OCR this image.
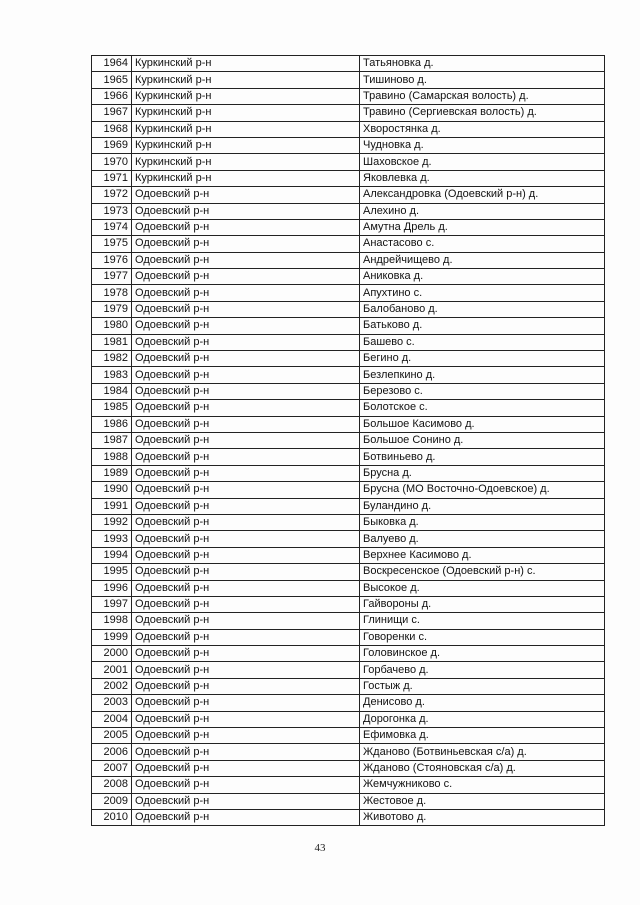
1964	Куркинский р-н	Татьяновка д.
1965	Куркинский р-н	Тишиново д.
1966	Куркинский р-н	Травино (Самарская волость) д.
1967	Куркинский р-н	Травино (Сергиевская волость) д.
1968	Куркинский р-н	Хворостянка д.
1969	Куркинский р-н	Чудновка д.
1970	Куркинский р-н	Шаховское д.
1971	Куркинский р-н	Яковлевка д.
1972	Одоевский р-н	Александровка (Одоевский р-н) д.
1973	Одоевский р-н	Алехино д.
1974	Одоевский р-н	Амутна Дрель д.
1975	Одоевский р-н	Анастасово с.
1976	Одоевский р-н	Андрейчищево д.
1977	Одоевский р-н	Аниковка д.
1978	Одоевский р-н	Апухтино с.
1979	Одоевский р-н	Балобаново д.
1980	Одоевский р-н	Батьково д.
1981	Одоевский р-н	Башево с.
1982	Одоевский р-н	Бегино д.
1983	Одоевский р-н	Безлепкино д.
1984	Одоевский р-н	Березово с.
1985	Одоевский р-н	Болотское с.
1986	Одоевский р-н	Большое Касимово д.
1987	Одоевский р-н	Большое Сонино д.
1988	Одоевский р-н	Ботвиньево д.
1989	Одоевский р-н	Брусна д.
1990	Одоевский р-н	Брусна (МО Восточно-Одоевское) д.
1991	Одоевский р-н	Буландино д.
1992	Одоевский р-н	Быковка д.
1993	Одоевский р-н	Валуево д.
1994	Одоевский р-н	Верхнее Касимово д.
1995	Одоевский р-н	Воскресенское (Одоевский р-н) с.
1996	Одоевский р-н	Высокое д.
1997	Одоевский р-н	Гайвороны д.
1998	Одоевский р-н	Глинищи с.
1999	Одоевский р-н	Говоренки с.
2000	Одоевский р-н	Головинское д.
2001	Одоевский р-н	Горбачево д.
2002	Одоевский р-н	Гостыж д.
2003	Одоевский р-н	Денисово д.
2004	Одоевский р-н	Дорогонка д.
2005	Одоевский р-н	Ефимовка д.
2006	Одоевский р-н	Жданово (Ботвиньевская с/а) д.
2007	Одоевский р-н	Жданово (Стояновская с/а) д.
2008	Одоевский р-н	Жемчужниково с.
2009	Одоевский р-н	Жестовое д.
2010	Одоевский р-н	Животово д.
43
